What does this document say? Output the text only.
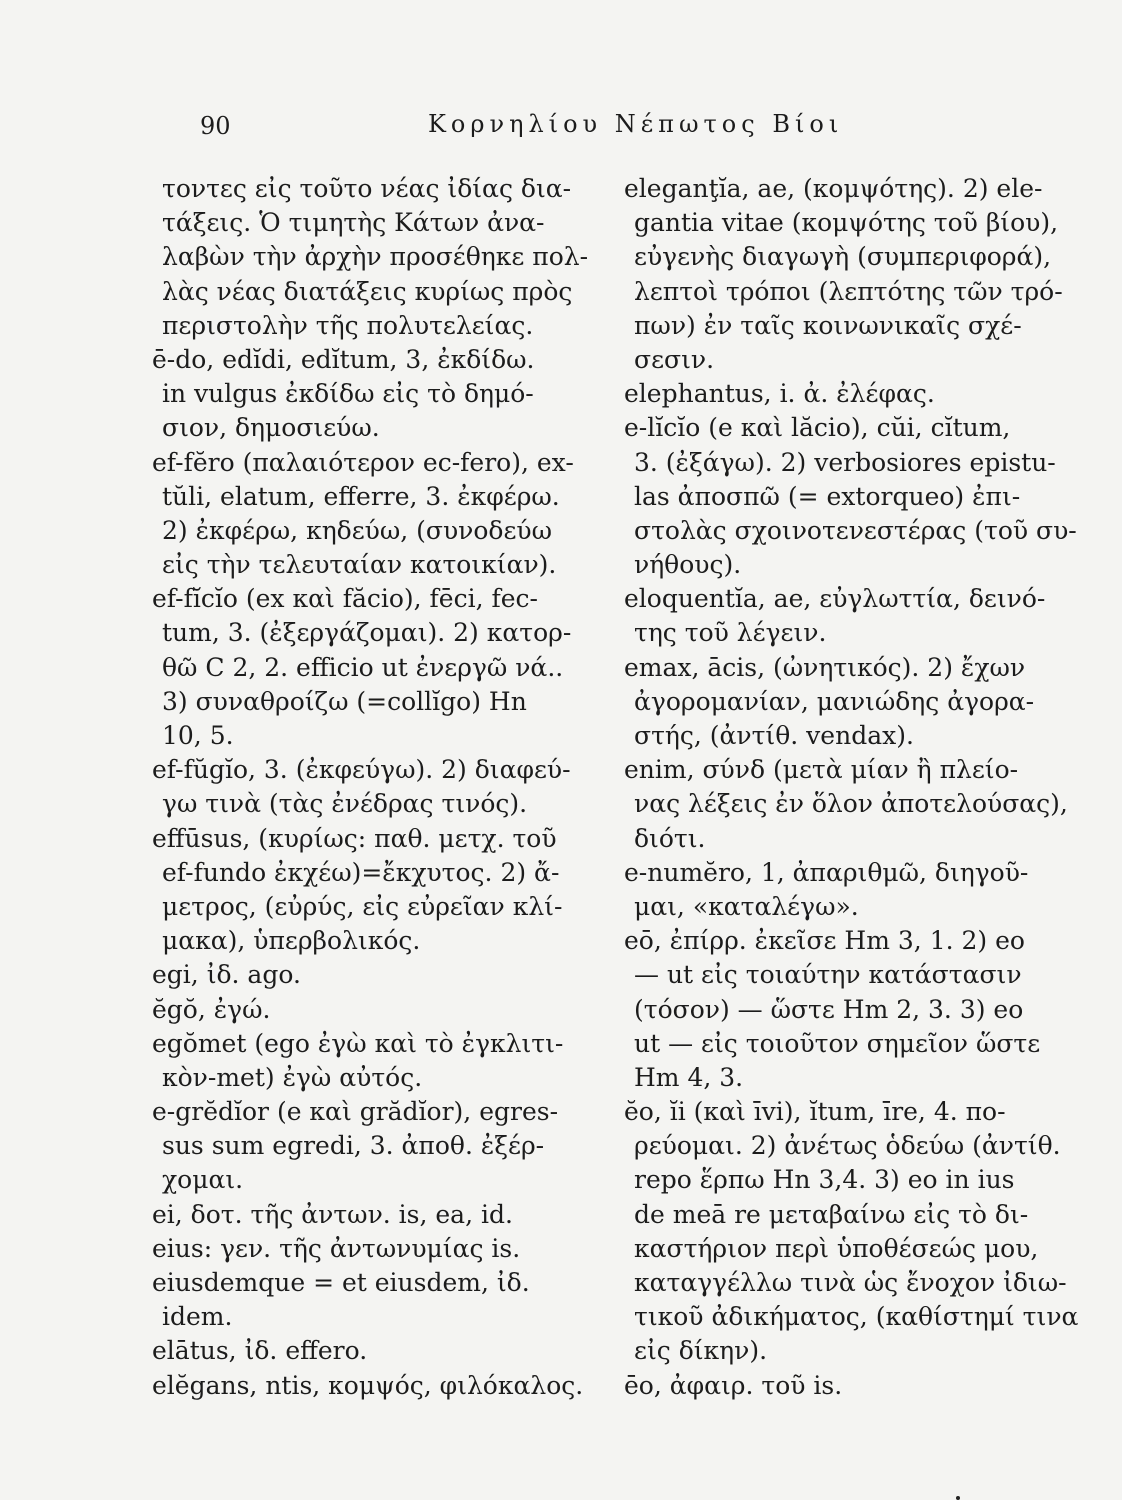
90	Κορνηλίου Νέπωτος Βίοι
τοντες εἰς τοῦτο νέας ἰδίας δια-
τάξεις. Ὁ τιμητὴς Κάτων ἀνα-
λαβὼν τὴν ἀρχὴν προσέθηκε πολ-
λὰς νέας διατάξεις κυρίως πρὸς
περιστολὴν τῆς πολυτελείας.
ē-do, edĭdi, edĭtum, 3, ἐκδίδω.
in vulgus ἐκδίδω εἰς τὸ δημό-
σιον, δημοσιεύω.
ef-fĕro (παλαιότερον ec-fero), ex-
tŭli, elatum, efferre, 3. ἐκφέρω.
2) ἐκφέρω, κηδεύω, (συνοδεύω
εἰς τὴν τελευταίαν κατοικίαν).
ef-fĭcĭo (ex καὶ făcio), fēci, fec-
tum, 3. (ἐξεργάζομαι). 2) κατορ-
θῶ C 2, 2. efficio ut ἐνεργῶ νά..
3) συναθροίζω (=collĭgo) Hn
10, 5.
ef-fŭgĭo, 3. (ἐκφεύγω). 2) διαφεύ-
γω τινὰ (τὰς ἐνέδρας τινός).
effūsus, (κυρίως: παθ. μετχ. τοῦ
ef-fundo ἐκχέω)=ἔκχυτος. 2) ἄ-
μετρος, (εὐρύς, εἰς εὐρεῖαν κλί-
μακα), ὑπερβολικός.
egi, ἰδ. ago.
ĕgŏ, ἐγώ.
egŏmet (ego ἐγὼ καὶ τὸ ἐγκλιτι-
κὸν-met) ἐγὼ αὐτός.
e-grĕdĭor (e καὶ grădĭor), egres-
sus sum egredi, 3. ἀποθ. ἐξέρ-
χομαι.
ei, δοτ. τῆς ἀντων. is, ea, id.
eius: γεν. τῆς ἀντωνυμίας is.
eiusdemque = et eiusdem, ἰδ.
idem.
elātus, ἰδ. effero.
elĕgans, ntis, κομψός, φιλόκαλος.
eleganţĭa, ae, (κομψότης). 2) ele-
gantia vitae (κομψότης τοῦ βίου),
εὐγενὴς διαγωγὴ (συμπεριφορά),
λεπτοὶ τρόποι (λεπτότης τῶν τρό-
πων) ἐν ταῖς κοινωνικαῖς σχέ-
σεσιν.
elephantus, i. ἀ. ἐλέφας.
e-lĭcĭo (e καὶ lăcio), cŭi, cĭtum,
3. (ἐξάγω). 2) verbosiores epistu-
las ἀποσπῶ (= extorqueo) ἐπι-
στολὰς σχοινοτενεστέρας (τοῦ συ-
νήθους).
eloquentĭa, ae, εὐγλωττία, δεινό-
της τοῦ λέγειν.
emax, ācis, (ὠνητικός). 2) ἔχων
ἀγορομανίαν, μανιώδης ἀγορα-
στής, (ἀντίθ. vendax).
enim, σύνδ (μετὰ μίαν ἢ πλείο-
νας λέξεις ἐν ὅλον ἀποτελούσας),
διότι.
e-numĕro, 1, ἀπαριθμῶ, διηγοῦ-
μαι, «καταλέγω».
eō, ἐπίρρ. ἐκεῖσε Hm 3, 1. 2) eo
— ut εἰς τοιαύτην κατάστασιν
(τόσον) — ὥστε Hm 2, 3. 3) eo
ut — εἰς τοιοῦτον σημεῖον ὥστε
Hm 4, 3.
ĕo, ĭi (καὶ īvi), ĭtum, īre, 4. πο-
ρεύομαι. 2) ἀνέτως ὁδεύω (ἀντίθ.
repo ἕρπω Hn 3,4. 3) eo in ius
de meā re μεταβαίνω εἰς τὸ δι-
καστήριον περὶ ὑποθέσεώς μου,
καταγγέλλω τινὰ ὡς ἔνοχον ἰδιω-
τικοῦ ἀδικήματος, (καθίστημί τινα
εἰς δίκην).
ēo, ἀφαιρ. τοῦ is.
